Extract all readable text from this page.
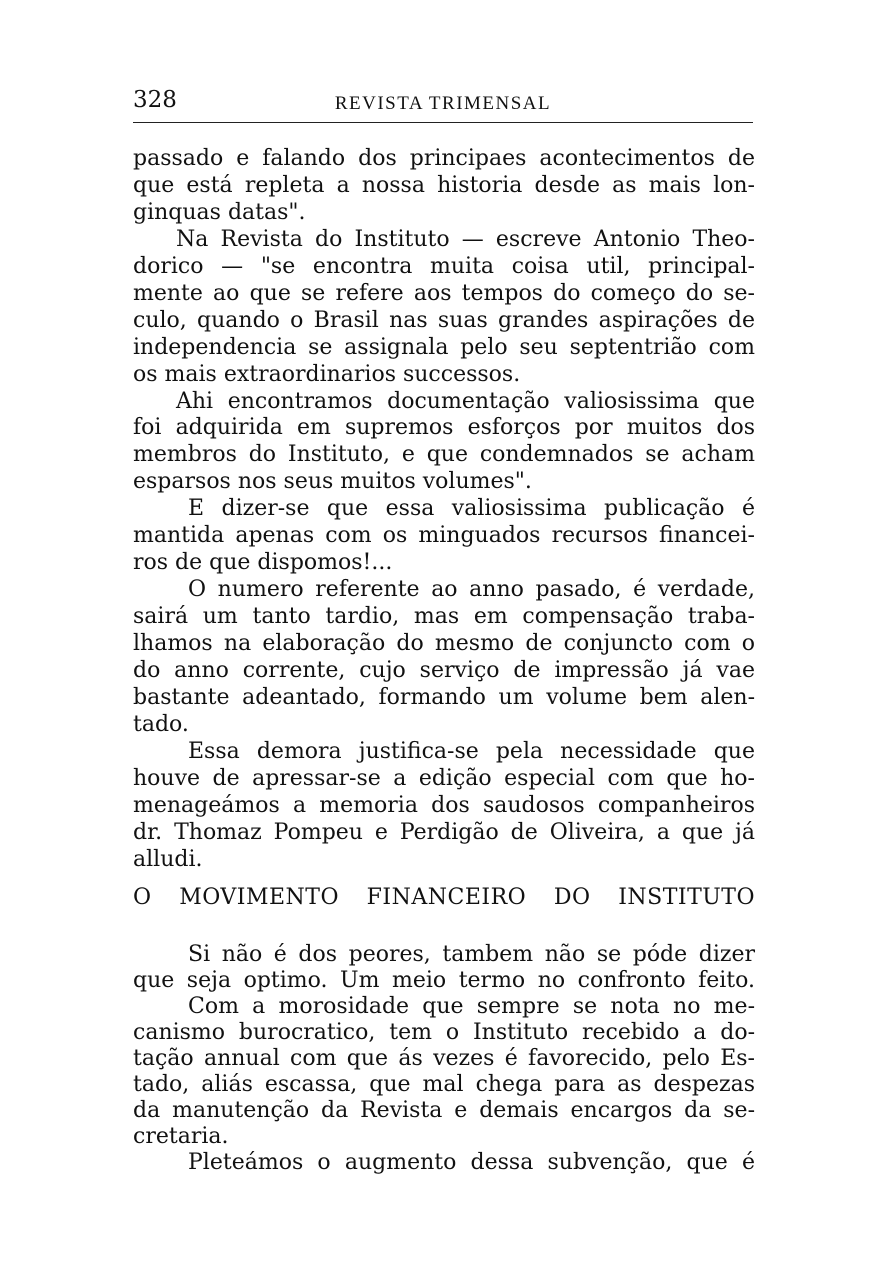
328	REVISTA TRIMENSAL
passado e falando dos principaes acontecimentos de
que está repleta a nossa historia desde as mais lon-
ginquas datas".
Na Revista do Instituto — escreve Antonio Theo-
dorico — "se encontra muita coisa util, principal-
mente ao que se refere aos tempos do começo do se-
culo, quando o Brasil nas suas grandes aspirações de
independencia se assignala pelo seu septentrião com
os mais extraordinarios successos.
Ahi encontramos documentação valiosissima que
foi adquirida em supremos esforços por muitos dos
membros do Instituto, e que condemnados se acham
esparsos nos seus muitos volumes".
E dizer-se que essa valiosissima publicação é
mantida apenas com os minguados recursos financei-
ros de que dispomos!...
O numero referente ao anno pasado, é verdade,
sairá um tanto tardio, mas em compensação traba-
lhamos na elaboração do mesmo de conjuncto com o
do anno corrente, cujo serviço de impressão já vae
bastante adeantado, formando um volume bem alen-
tado.
Essa demora justifica-se pela necessidade que
houve de apressar-se a edição especial com que ho-
menageámos a memoria dos saudosos companheiros
dr. Thomaz Pompeu e Perdigão de Oliveira, a que já
alludi.
O MOVIMENTO FINANCEIRO DO INSTITUTO
Si não é dos peores, tambem não se póde dizer
que seja optimo. Um meio termo no confronto feito.
Com a morosidade que sempre se nota no me-
canismo burocratico, tem o Instituto recebido a do-
tação annual com que ás vezes é favorecido, pelo Es-
tado, aliás escassa, que mal chega para as despezas
da manutenção da Revista e demais encargos da se-
cretaria.
Pleteámos o augmento dessa subvenção, que é
